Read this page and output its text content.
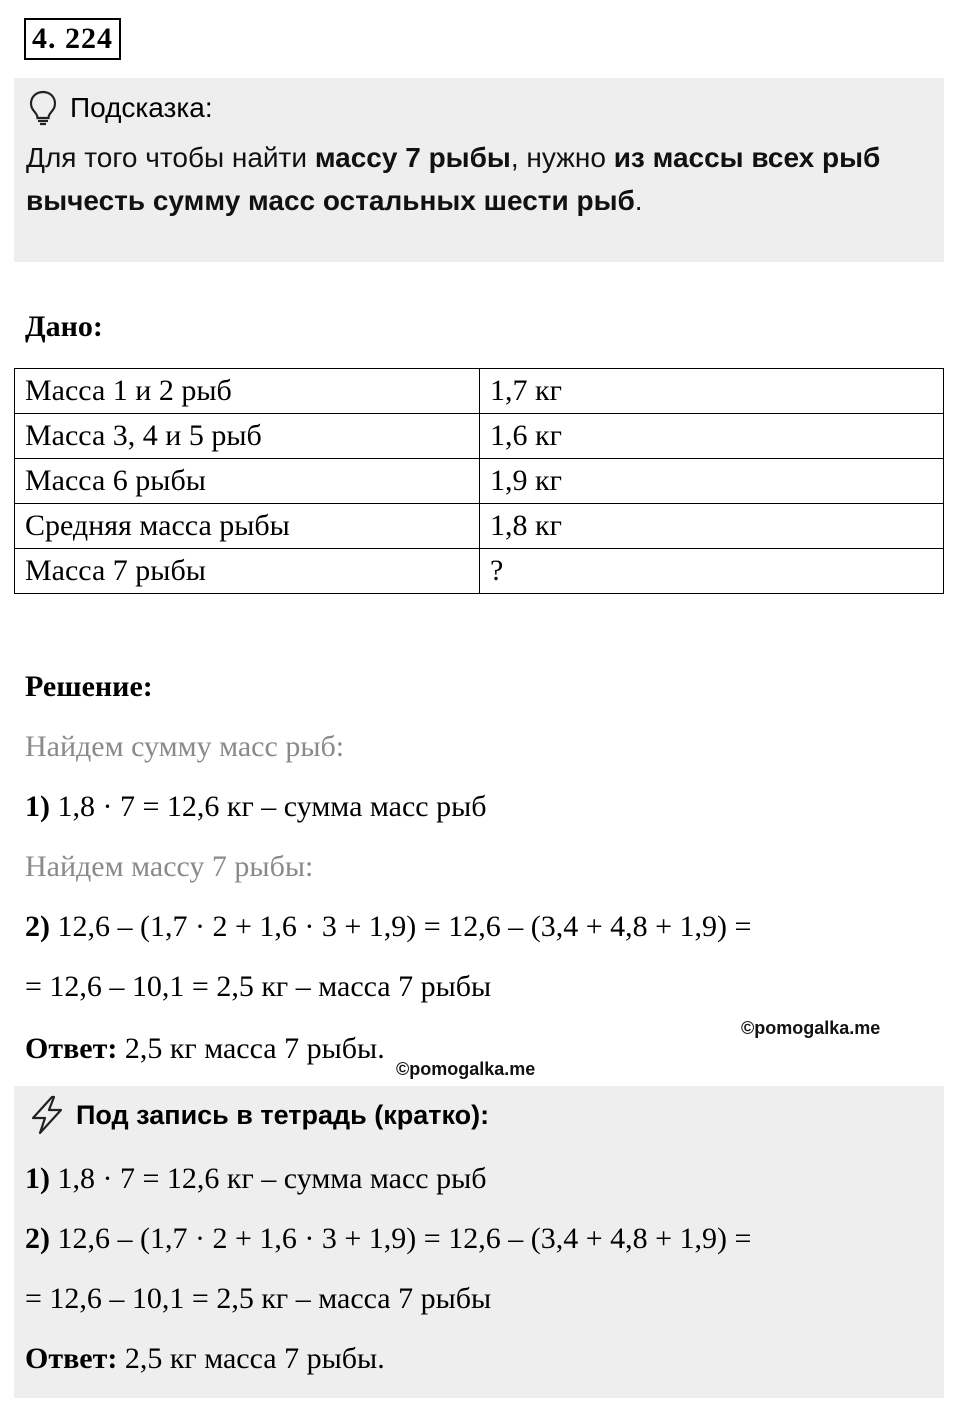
4. 224
Подсказка:
Для того чтобы найти массу 7 рыбы, нужно из массы всех рыб вычесть сумму масс остальных шести рыб.
Дано:
Масса 1 и 2 рыб	1,7 кг
Масса 3, 4 и 5 рыб	1,6 кг
Масса 6 рыбы	1,9 кг
Средняя масса рыбы	1,8 кг
Масса 7 рыбы	?
Решение:
Найдем сумму масс рыб:
1) 1,8 · 7 = 12,6 кг – сумма масс рыб
Найдем массу 7 рыбы:
2) 12,6 – (1,7 · 2 + 1,6 · 3 + 1,9) = 12,6 – (3,4 + 4,8 + 1,9) =
= 12,6 – 10,1 = 2,5 кг – масса 7 рыбы
Ответ: 2,5 кг масса 7 рыбы.
©pomogalka.me
©pomogalka.me
Под запись в тетрадь (кратко):
1) 1,8 · 7 = 12,6 кг – сумма масс рыб
2) 12,6 – (1,7 · 2 + 1,6 · 3 + 1,9) = 12,6 – (3,4 + 4,8 + 1,9) =
= 12,6 – 10,1 = 2,5 кг – масса 7 рыбы
Ответ: 2,5 кг масса 7 рыбы.
